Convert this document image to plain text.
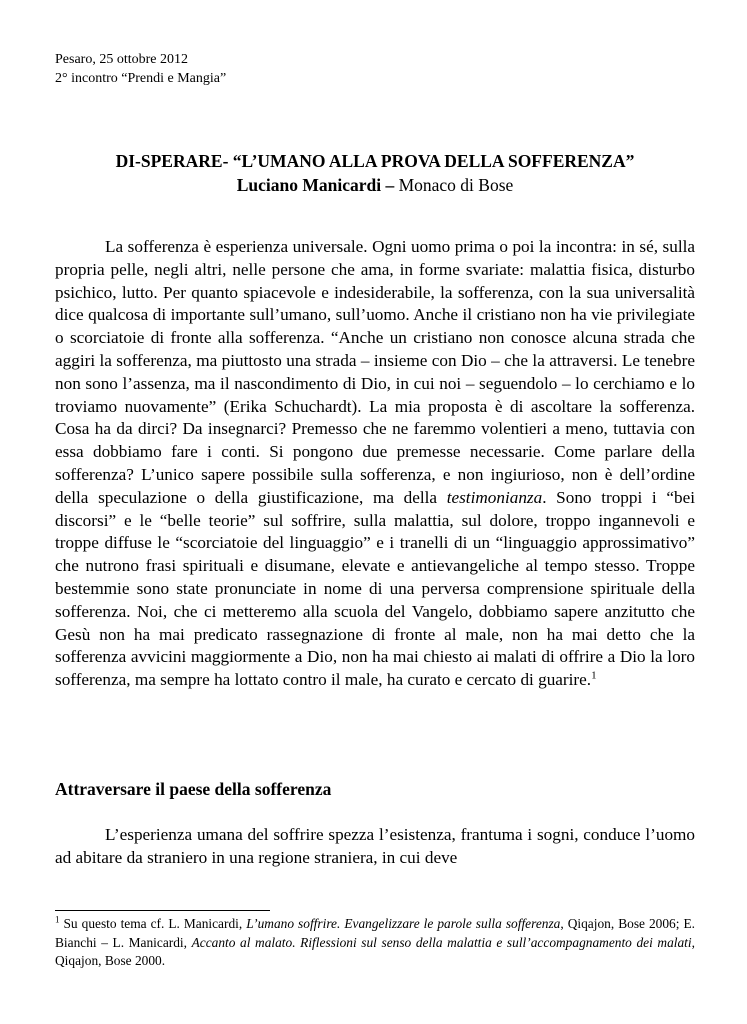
Pesaro, 25 ottobre 2012
2° incontro “Prendi e Mangia”
DI-SPERARE- “L’UMANO ALLA PROVA DELLA SOFFERENZA”
Luciano Manicardi – Monaco di Bose

La sofferenza è esperienza universale. Ogni uomo prima o poi la incontra: in sé, sulla propria pelle, negli altri, nelle persone che ama, in forme svariate: malattia fisica, disturbo psichico, lutto. Per quanto spiacevole e indesiderabile, la sofferenza, con la sua universalità dice qualcosa di importante sull’umano, sull’uomo. Anche il cristiano non ha vie privilegiate o scorciatoie di fronte alla sofferenza. “Anche un cristiano non conosce alcuna strada che aggiri la sofferenza, ma piuttosto una strada – insieme con Dio – che la attraversi. Le tenebre non sono l’assenza, ma il nascondimento di Dio, in cui noi – seguendolo – lo cerchiamo e lo troviamo nuovamente” (Erika Schuchardt). La mia proposta è di ascoltare la sofferenza. Cosa ha da dirci? Da insegnarci? Premesso che ne faremmo volentieri a meno, tuttavia con essa dobbiamo fare i conti. Si pongono due premesse necessarie. Come parlare della sofferenza? L’unico sapere possibile sulla sofferenza, e non ingiurioso, non è dell’ordine della speculazione o della giustificazione, ma della testimonianza. Sono troppi i “bei discorsi” e le “belle teorie” sul soffrire, sulla malattia, sul dolore, troppo ingannevoli e troppe diffuse le “scorciatoie del linguaggio” e i tranelli di un “linguaggio approssimativo” che nutrono frasi spirituali e disumane, elevate e antievangeliche al tempo stesso. Troppe bestemmie sono state pronunciate in nome di una perversa comprensione spirituale della sofferenza. Noi, che ci metteremo alla scuola del Vangelo, dobbiamo sapere anzitutto che Gesù non ha mai predicato rassegnazione di fronte al male, non ha mai detto che la sofferenza avvicini maggiormente a Dio, non ha mai chiesto ai malati di offrire a Dio la loro sofferenza, ma sempre ha lottato contro il male, ha curato e cercato di guarire.$^1$

Attraversare il paese della sofferenza

L’esperienza umana del soffrire spezza l’esistenza, frantuma i sogni, conduce l’uomo ad abitare da straniero in una regione straniera, in cui deve

$^1$ Su questo tema cf. L. Manicardi, L’umano soffrire. Evangelizzare le parole sulla sofferenza, Qiqajon, Bose 2006; E. Bianchi – L. Manicardi, Accanto al malato. Riflessioni sul senso della malattia e sull’accompagnamento dei malati, Qiqajon, Bose 2000.
